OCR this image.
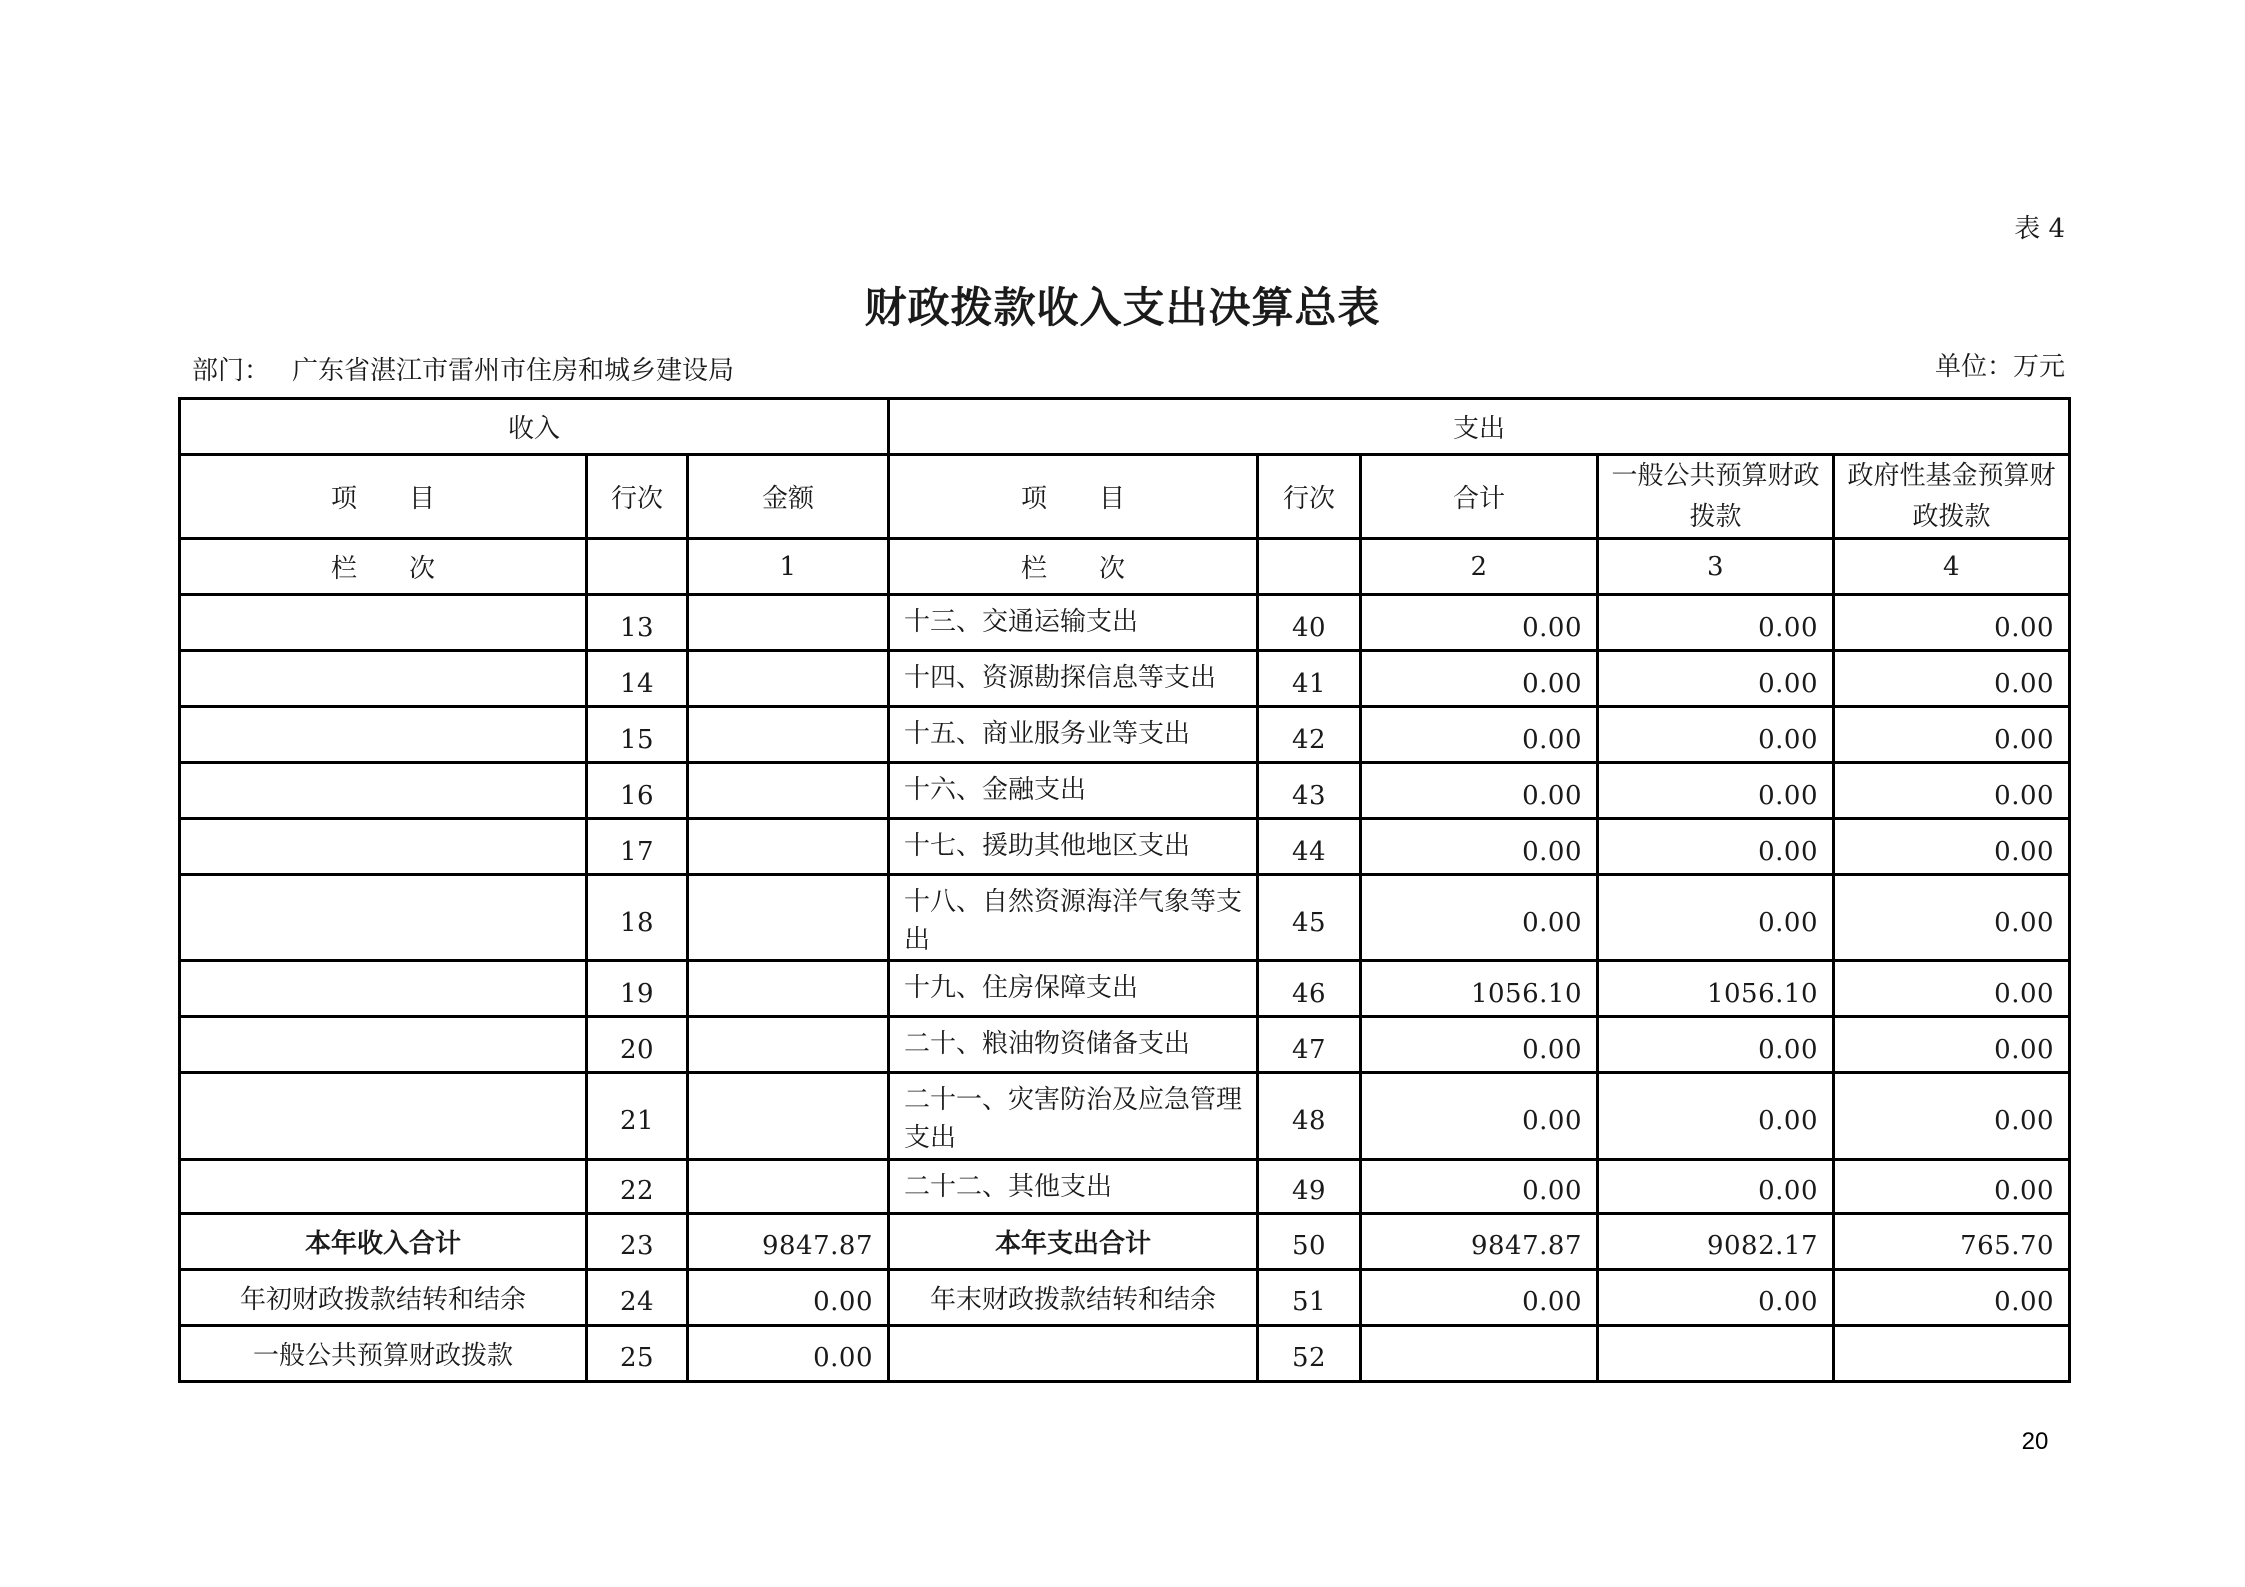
表 4
财政拨款收入支出决算总表
部门： 广东省湛江市雷州市住房和城乡建设局	单位：万元
收入			支出				
项　　目	行次	金额	项　　目	行次	合计	一般公共预算财政拨款	政府性基金预算财政拨款
栏　　次		1	栏　　次		2	3	4
	13		十三、交通运输支出	40	0.00	0.00	0.00
	14		十四、资源勘探信息等支出	41	0.00	0.00	0.00
	15		十五、商业服务业等支出	42	0.00	0.00	0.00
	16		十六、金融支出	43	0.00	0.00	0.00
	17		十七、援助其他地区支出	44	0.00	0.00	0.00
	18		十八、自然资源海洋气象等支出	45	0.00	0.00	0.00
	19		十九、住房保障支出	46	1056.10	1056.10	0.00
	20		二十、粮油物资储备支出	47	0.00	0.00	0.00
	21		二十一、灾害防治及应急管理支出	48	0.00	0.00	0.00
	22		二十二、其他支出	49	0.00	0.00	0.00
本年收入合计	23	9847.87	本年支出合计	50	9847.87	9082.17	765.70
年初财政拨款结转和结余	24	0.00	年末财政拨款结转和结余	51	0.00	0.00	0.00
一般公共预算财政拨款	25	0.00		52			
20
